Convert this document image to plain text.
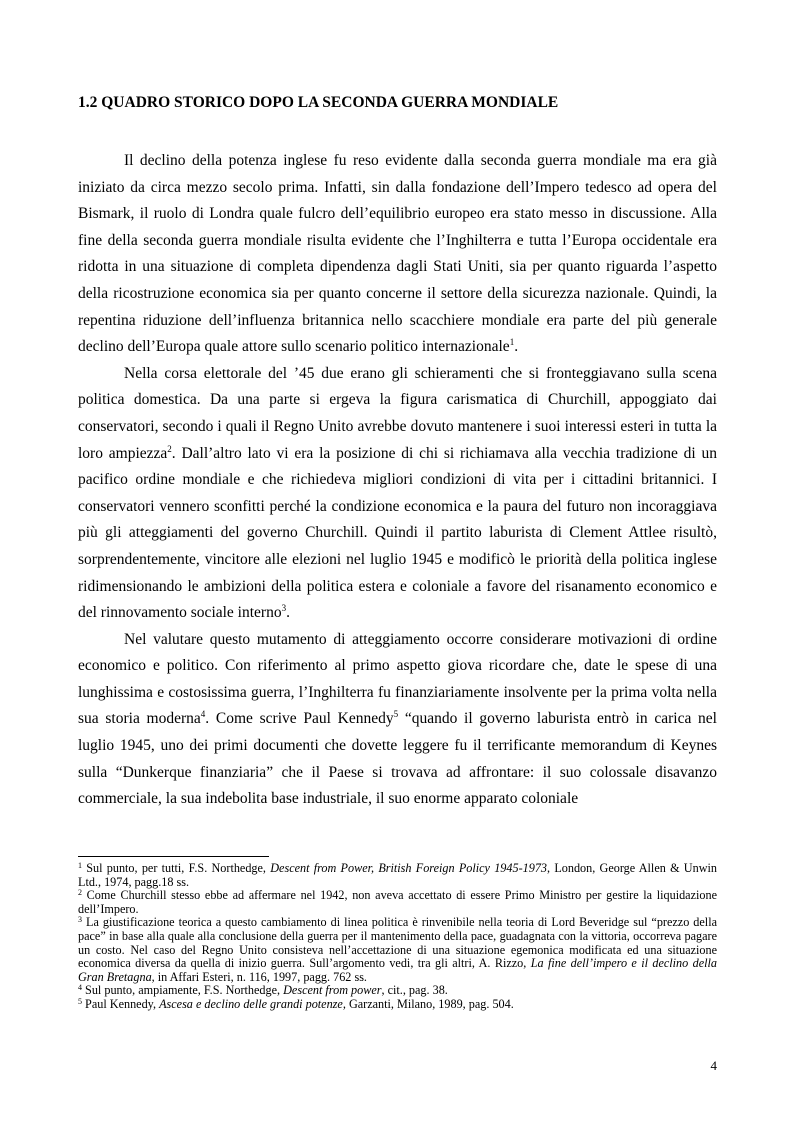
1.2 QUADRO STORICO DOPO LA SECONDA GUERRA MONDIALE

Il declino della potenza inglese fu reso evidente dalla seconda guerra mondiale ma era già iniziato da circa mezzo secolo prima. Infatti, sin dalla fondazione dell’Impero tedesco ad opera del Bismark, il ruolo di Londra quale fulcro dell’equilibrio europeo era stato messo in discussione. Alla fine della seconda guerra mondiale risulta evidente che l’Inghilterra e tutta l’Europa occidentale era ridotta in una situazione di completa dipendenza dagli Stati Uniti, sia per quanto riguarda l’aspetto della ricostruzione economica sia per quanto concerne il settore della sicurezza nazionale. Quindi, la repentina riduzione dell’influenza britannica nello scacchiere mondiale era parte del più generale declino dell’Europa quale attore sullo scenario politico internazionale$^1$.

Nella corsa elettorale del ’45 due erano gli schieramenti che si fronteggiavano sulla scena politica domestica. Da una parte si ergeva la figura carismatica di Churchill, appoggiato dai conservatori, secondo i quali il Regno Unito avrebbe dovuto mantenere i suoi interessi esteri in tutta la loro ampiezza$^2$. Dall’altro lato vi era la posizione di chi si richiamava alla vecchia tradizione di un pacifico ordine mondiale e che richiedeva migliori condizioni di vita per i cittadini britannici. I conservatori vennero sconfitti perché la condizione economica e la paura del futuro non incoraggiava più gli atteggiamenti del governo Churchill. Quindi il partito laburista di Clement Attlee risultò, sorprendentemente, vincitore alle elezioni nel luglio 1945 e modificò le priorità della politica inglese ridimensionando le ambizioni della politica estera e coloniale a favore del risanamento economico e del rinnovamento sociale interno$^3$.

Nel valutare questo mutamento di atteggiamento occorre considerare motivazioni di ordine economico e politico. Con riferimento al primo aspetto giova ricordare che, date le spese di una lunghissima e costosissima guerra, l’Inghilterra fu finanziariamente insolvente per la prima volta nella sua storia moderna$^4$. Come scrive Paul Kennedy$^5$ “quando il governo laburista entrò in carica nel luglio 1945, uno dei primi documenti che dovette leggere fu il terrificante memorandum di Keynes sulla “Dunkerque finanziaria” che il Paese si trovava ad affrontare: il suo colossale disavanzo commerciale, la sua indebolita base industriale, il suo enorme apparato coloniale

$^1$ Sul punto, per tutti, F.S. Northedge, Descent from Power, British Foreign Policy 1945-1973, London, George Allen & Unwin Ltd., 1974, pagg.18 ss.

$^2$ Come Churchill stesso ebbe ad affermare nel 1942, non aveva accettato di essere Primo Ministro per gestire la liquidazione dell’Impero.

$^3$ La giustificazione teorica a questo cambiamento di linea politica è rinvenibile nella teoria di Lord Beveridge sul “prezzo della pace” in base alla quale alla conclusione della guerra per il mantenimento della pace, guadagnata con la vittoria, occorreva pagare un costo. Nel caso del Regno Unito consisteva nell’accettazione di una situazione egemonica modificata ed una situazione economica diversa da quella di inizio guerra. Sull’argomento vedi, tra gli altri, A. Rizzo, La fine dell’impero e il declino della Gran Bretagna, in Affari Esteri, n. 116, 1997, pagg. 762 ss.

$^4$ Sul punto, ampiamente, F.S. Northedge, Descent from power, cit., pag. 38.

$^5$ Paul Kennedy, Ascesa e declino delle grandi potenze, Garzanti, Milano, 1989, pag. 504.

4
